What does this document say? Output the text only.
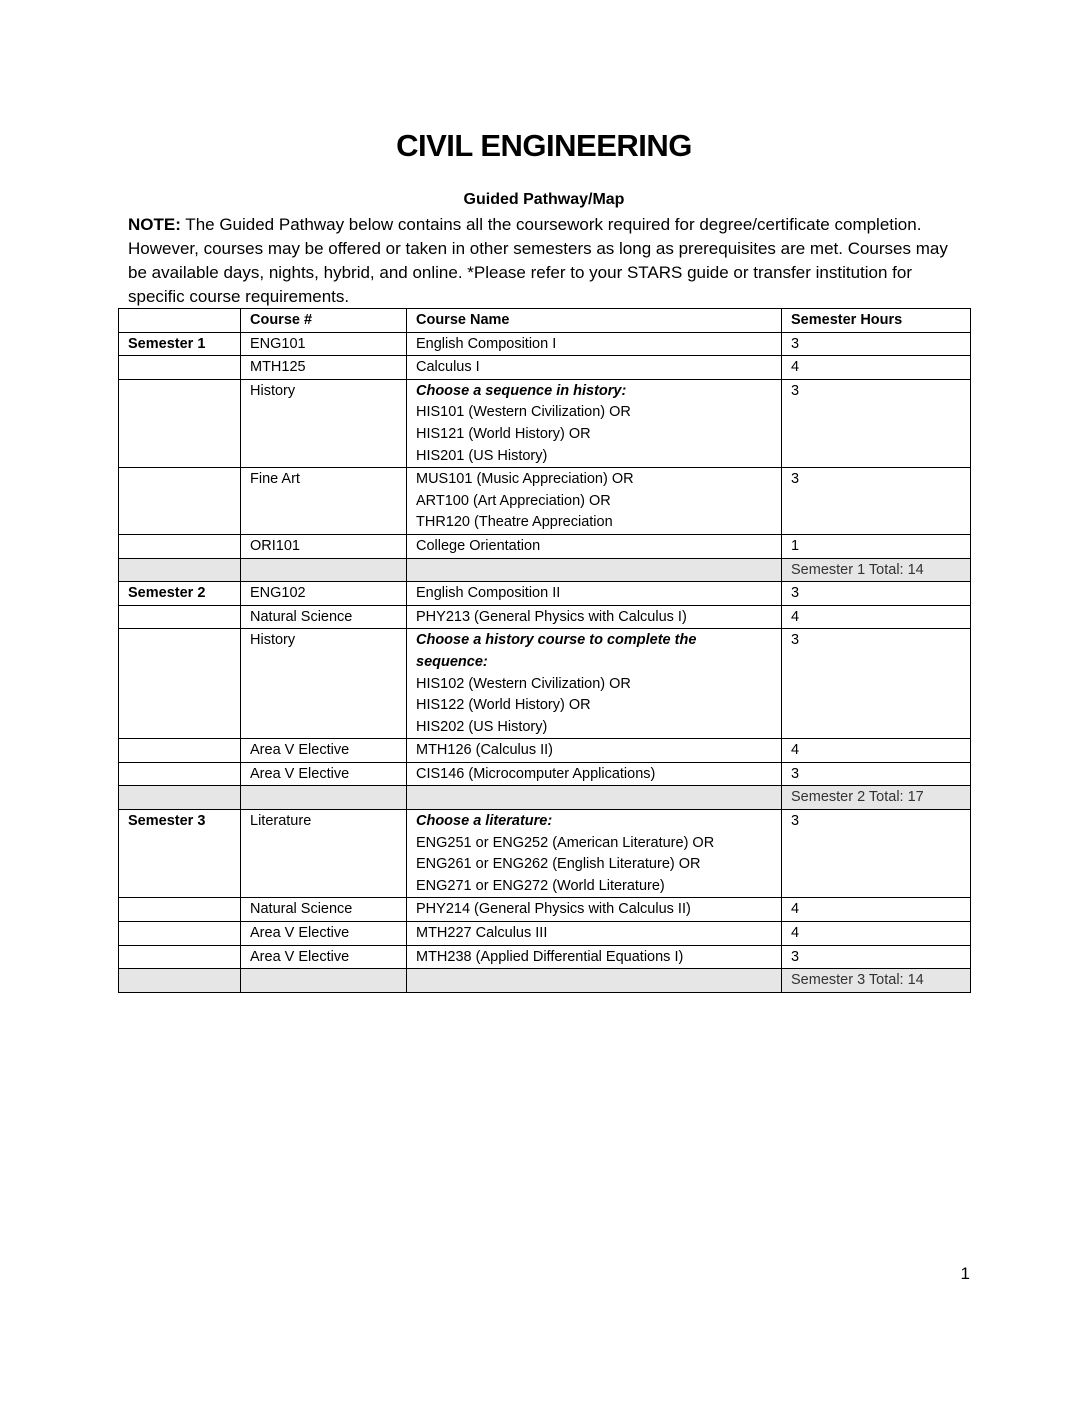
CIVIL ENGINEERING
Guided Pathway/Map

NOTE: The Guided Pathway below contains all the coursework required for degree/certificate completion. However, courses may be offered or taken in other semesters as long as prerequisites are met. Courses may be available days, nights, hybrid, and online. *Please refer to your STARS guide or transfer institution for specific course requirements.

	Course #	Course Name	Semester Hours
Semester 1	ENG101	English Composition I	3
	MTH125	Calculus I	4
	History	Choose a sequence in history:
HIS101 (Western Civilization) OR
HIS121 (World History) OR
HIS201 (US History)	3
	Fine Art	MUS101 (Music Appreciation) OR
ART100 (Art Appreciation) OR
THR120 (Theatre Appreciation	3
	ORI101	College Orientation	1
			Semester 1 Total: 14
Semester 2	ENG102	English Composition II	3
	Natural Science	PHY213 (General Physics with Calculus I)	4
	History	Choose a history course to complete the sequence:
HIS102 (Western Civilization) OR
HIS122 (World History) OR
HIS202 (US History)	3
	Area V Elective	MTH126 (Calculus II)	4
	Area V Elective	CIS146 (Microcomputer Applications)	3
			Semester 2 Total: 17
Semester 3	Literature	Choose a literature:
ENG251 or ENG252 (American Literature) OR
ENG261 or ENG262 (English Literature) OR
ENG271 or ENG272 (World Literature)	3
	Natural Science	PHY214 (General Physics with Calculus II)	4
	Area V Elective	MTH227 Calculus III	4
	Area V Elective	MTH238 (Applied Differential Equations I)	3
			Semester 3 Total: 14
1
